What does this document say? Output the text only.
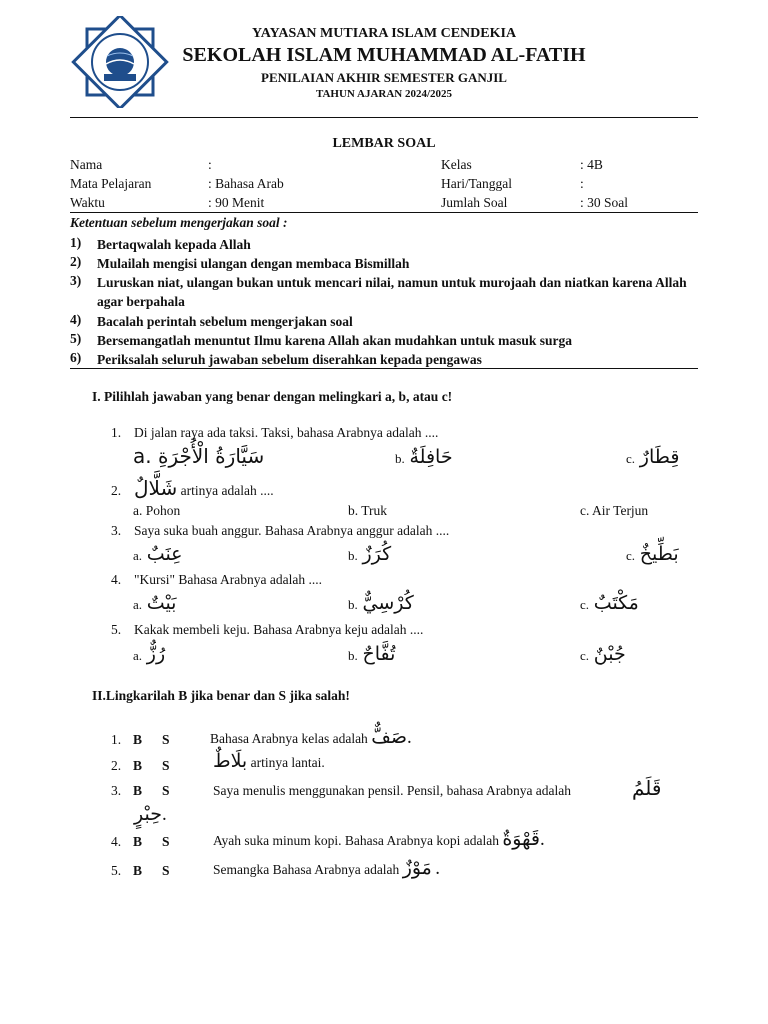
YAYASAN MUTIARA ISLAM CENDEKIA
SEKOLAH ISLAM MUHAMMAD AL-FATIH
PENILAIAN AKHIR SEMESTER GANJIL
TAHUN AJARAN 2024/2025
LEMBAR SOAL
Nama	:	Kelas	: 4B
Mata Pelajaran	: Bahasa Arab	Hari/Tanggal	:
Waktu	: 90 Menit	Jumlah Soal	: 30 Soal
Ketentuan sebelum mengerjakan soal :
1) Bertaqwalah kepada Allah
2) Mulailah mengisi ulangan dengan membaca Bismillah
3) Luruskan niat, ulangan bukan untuk mencari nilai, namun untuk murojaah dan niatkan karena Allah agar berpahala
4) Bacalah perintah sebelum mengerjakan soal
5) Bersemangatlah menuntut Ilmu karena Allah akan mudahkan untuk masuk surga
6) Periksalah seluruh jawaban sebelum diserahkan kepada pengawas
I. Pilihlah jawaban yang benar dengan melingkari a, b, atau c!
1. Di jalan raya ada taksi. Taksi, bahasa Arabnya adalah ....
a. سَيَّارَةُ الْأُجْرَةِ	b. حَافِلَةٌ	c. قِطَارٌ
2. شَلَّالٌ artinya adalah ....
a. Pohon	b. Truk	c. Air Terjun
3. Saya suka buah anggur. Bahasa Arabnya anggur adalah ....
a. عِنَبٌ	b. كُرَزٌ	c. بَطِّيخٌ
4. "Kursi" Bahasa Arabnya adalah ....
a. بَيْتٌ	b. كُرْسِيٌّ	c. مَكْتَبٌ
5. Kakak membeli keju. Bahasa Arabnya keju adalah ....
a. رُزٌّ	b. تُفَّاحٌ	c. جُبْنٌ
II.Lingkarilah B jika benar dan S jika salah!
1. B S	Bahasa Arabnya kelas adalah صَفٌّ.
2. B S بلَاطٌ artinya lantai.
3. B S	Saya menulis menggunakan pensil. Pensil, bahasa Arabnya adalah	قَلَمُ
حِبْرٍ.
4. B S	Ayah suka minum kopi. Bahasa Arabnya kopi adalah قَهْوَةٌ.
5. B S	Semangka Bahasa Arabnya adalah مَوْزٌ .
